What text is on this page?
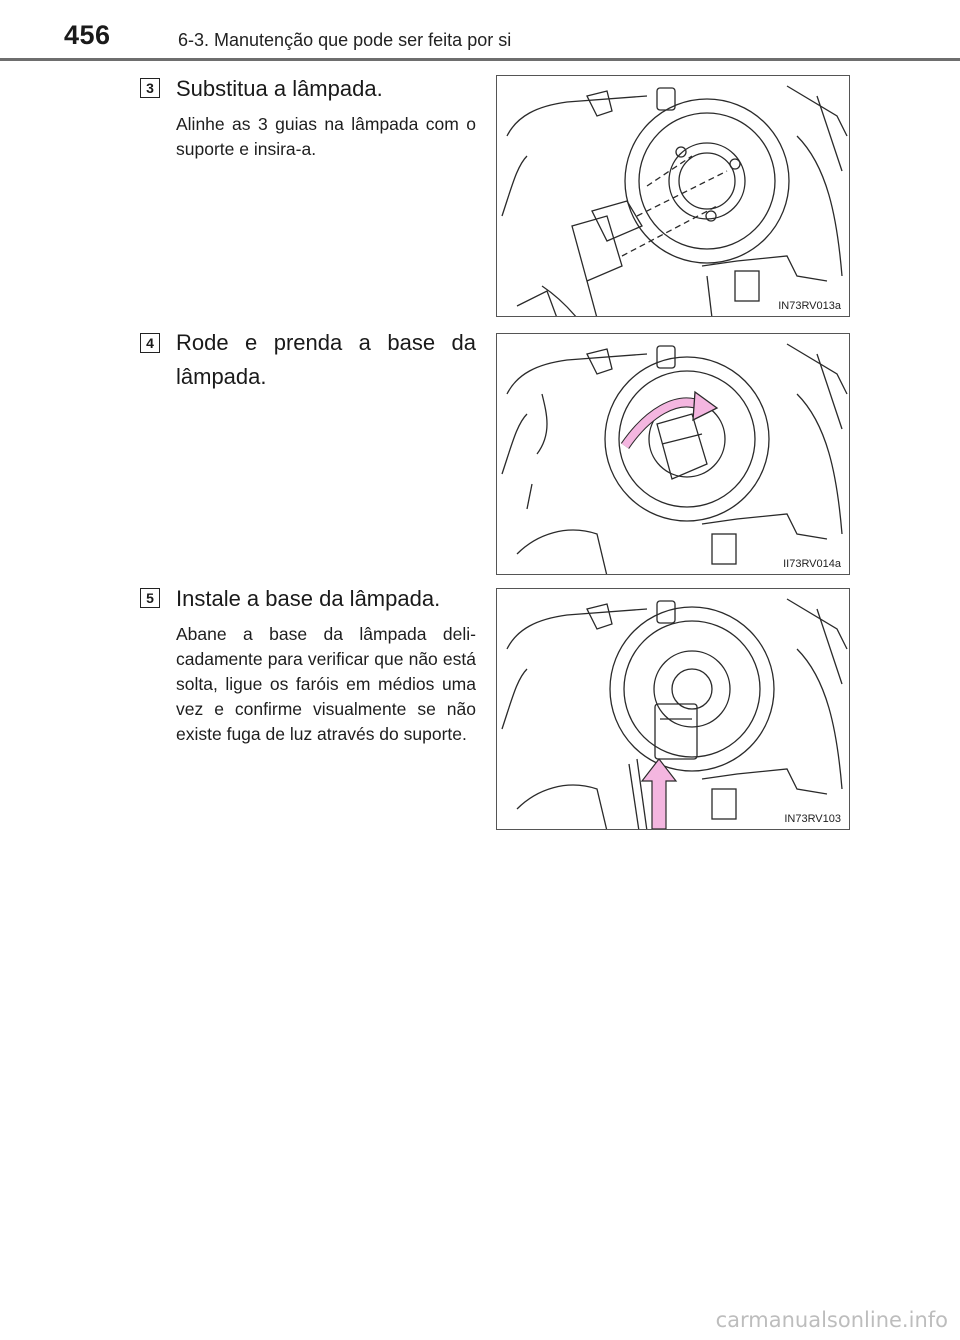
456	6-3. Manutenção que pode ser feita por si
3 Substitua a lâmpada.
Alinhe as 3 guias na lâmpada com o suporte e insira-a.
IN73RV013a
4 Rode e prenda a base da lâmpada.
II73RV014a
5 Instale a base da lâmpada.
Abane a base da lâmpada deli-cadamente para verificar que não está solta, ligue os faróis em médios uma vez e confirme visualmente se não existe fuga de luz através do suporte.
IN73RV103
carmanualsonline.info
